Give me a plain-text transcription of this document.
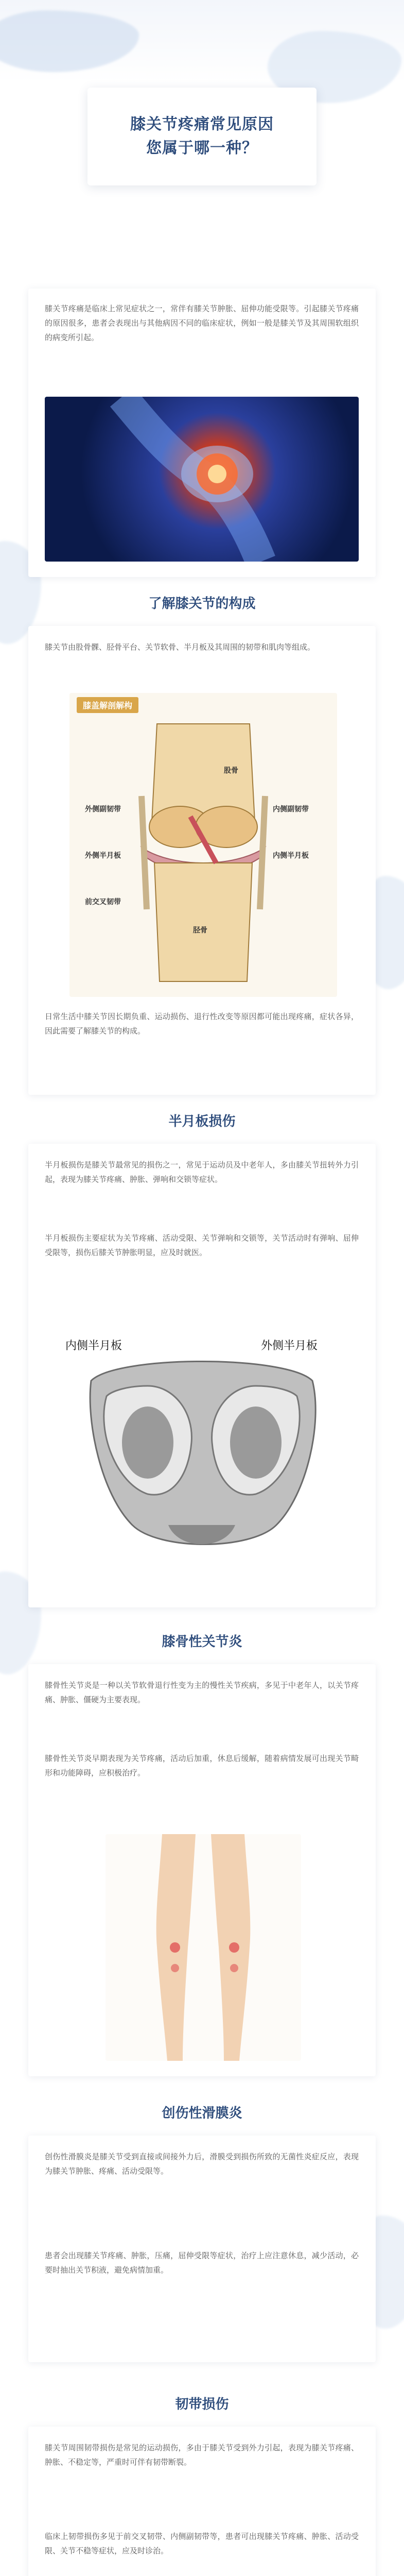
膝关节疼痛常见原因
您属于哪一种？

膝关节疼痛是临床上常见症状之一，常伴有膝关节肿胀、屈伸功能受限等。引起膝关节疼痛的原因很多，患者会表现出与其他病因不同的临床症状，例如一般是膝关节及其周围软组织的病变所引起。

了解膝关节的构成

膝关节由股骨髁、胫骨平台、关节软骨、半月板及其周围的韧带和肌肉等组成。

膝盖解剖解构
股骨
外侧副韧带	内侧副韧带
外侧半月板	内侧半月板
前交叉韧带
胫骨

日常生活中膝关节因长期负重、运动损伤、退行性改变等原因都可能出现疼痛，症状各异，因此需要了解膝关节的构成。

半月板损伤

半月板损伤是膝关节最常见的损伤之一，常见于运动员及中老年人，多由膝关节扭转外力引起，表现为膝关节疼痛、肿胀、弹响和交锁等症状。

半月板损伤主要症状为关节疼痛、活动受限、关节弹响和交锁等，关节活动时有弹响、屈伸受限等，损伤后膝关节肿胀明显，应及时就医。

内侧半月板	外侧半月板
膝骨性关节炎

膝骨性关节炎是一种以关节软骨退行性变为主的慢性关节疾病，多见于中老年人，以关节疼痛、肿胀、僵硬为主要表现。

膝骨性关节炎早期表现为关节疼痛，活动后加重，休息后缓解，随着病情发展可出现关节畸形和功能障碍，应积极治疗。

创伤性滑膜炎

创伤性滑膜炎是膝关节受到直接或间接外力后，滑膜受到损伤所致的无菌性炎症反应，表现为膝关节肿胀、疼痛、活动受限等。

患者会出现膝关节疼痛、肿胀，压痛，屈伸受限等症状，治疗上应注意休息，减少活动，必要时抽出关节积液，避免病情加重。

韧带损伤

膝关节周围韧带损伤是常见的运动损伤，多由于膝关节受到外力引起，表现为膝关节疼痛、肿胀、不稳定等，严重时可伴有韧带断裂。

临床上韧带损伤多见于前交叉韧带、内侧副韧带等，患者可出现膝关节疼痛、肿胀、活动受限、关节不稳等症状，应及时诊治。
